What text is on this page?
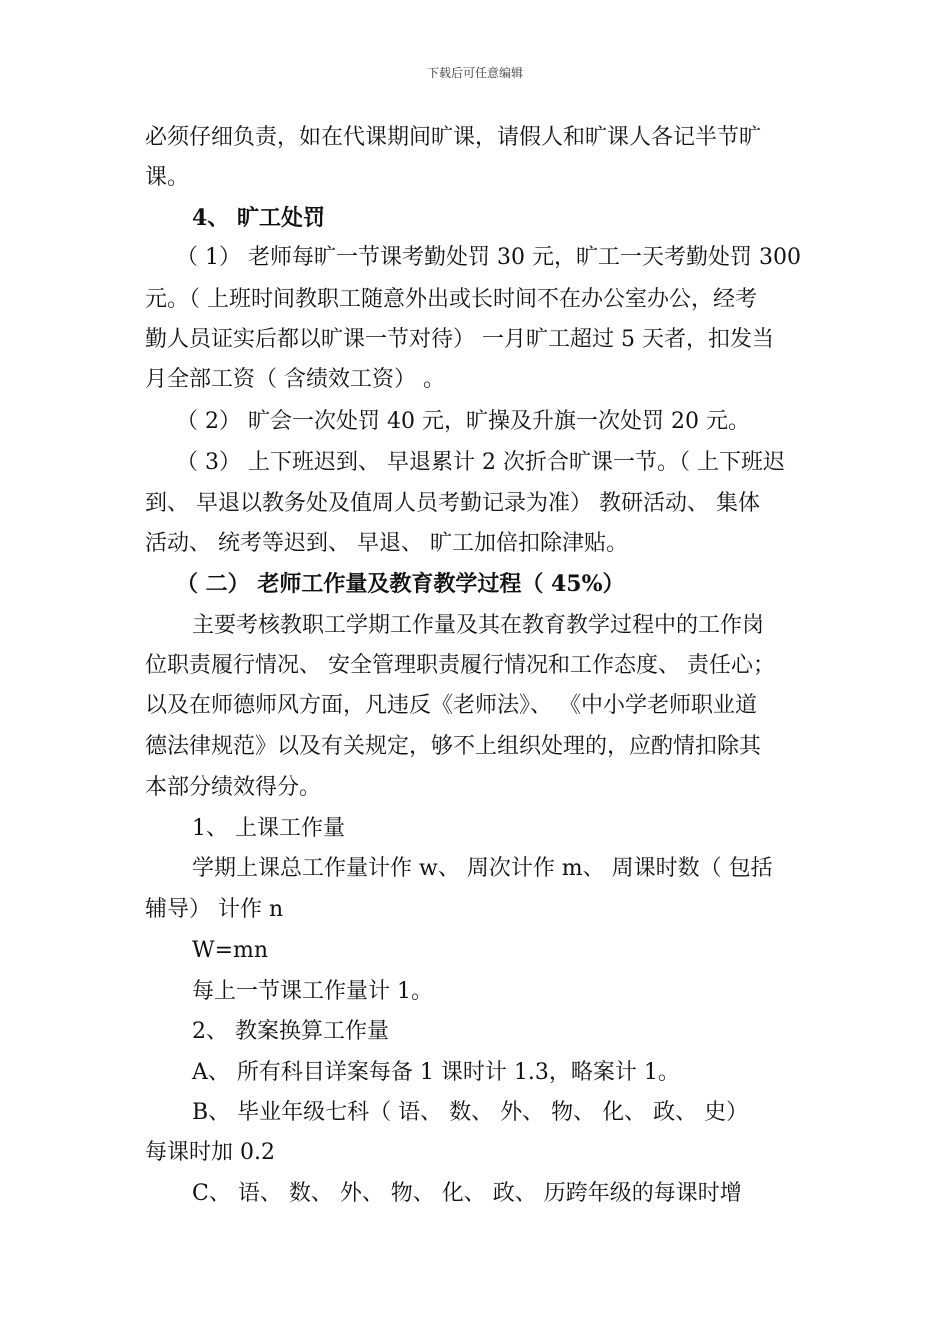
下载后可任意编辑
必须仔细负责，如在代课期间旷课，请假人和旷课人各记半节旷
课。
4、 旷工处罚
（ 1） 老师每旷一节课考勤处罚 30 元，旷工一天考勤处罚 300
元。（ 上班时间教职工随意外出或长时间不在办公室办公，经考
勤人员证实后都以旷课一节对待） 一月旷工超过 5 天者，扣发当
月全部工资（ 含绩效工资） 。
（ 2） 旷会一次处罚 40 元，旷操及升旗一次处罚 20 元。
（ 3） 上下班迟到、 早退累计 2 次折合旷课一节。（ 上下班迟
到、 早退以教务处及值周人员考勤记录为准） 教研活动、 集体
活动、 统考等迟到、 早退、 旷工加倍扣除津贴。
（ 二） 老师工作量及教育教学过程（ 45%）
主要考核教职工学期工作量及其在教育教学过程中的工作岗
位职责履行情况、 安全管理职责履行情况和工作态度、 责任心；
以及在师德师风方面，凡违反《老师法》、 《中小学老师职业道
德法律规范》以及有关规定，够不上组织处理的，应酌情扣除其
本部分绩效得分。
1、 上课工作量
学期上课总工作量计作 w、 周次计作 m、 周课时数（ 包括
辅导） 计作 n
W=mn
每上一节课工作量计 1。
2、 教案换算工作量
A、 所有科目详案每备 1 课时计 1.3，略案计 1。
B、 毕业年级七科（ 语、 数、 外、 物、 化、 政、 史）
每课时加 0.2
C、 语、 数、 外、 物、 化、 政、 历跨年级的每课时增
